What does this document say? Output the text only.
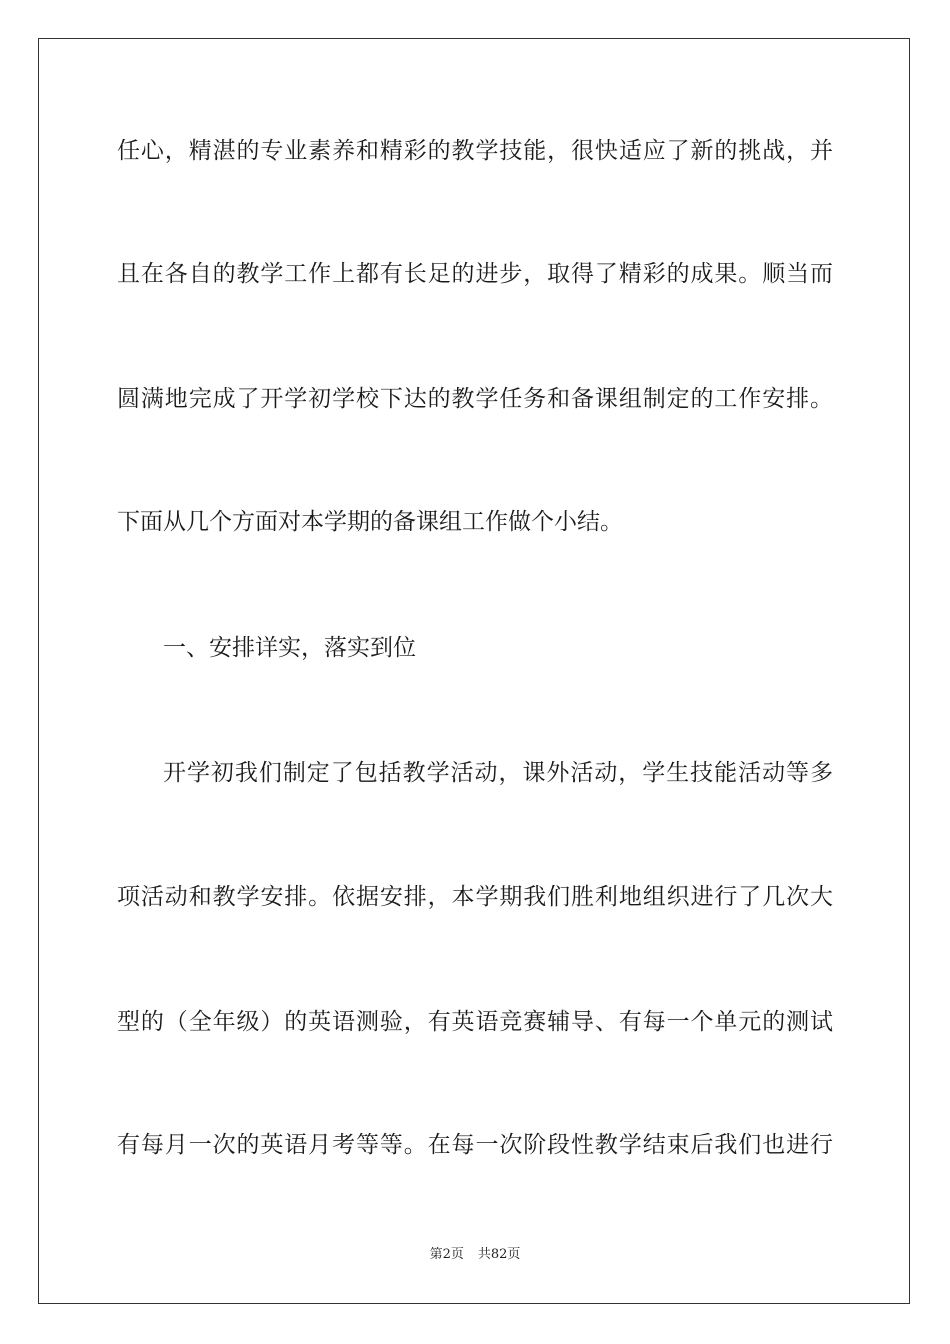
任心，精湛的专业素养和精彩的教学技能，很快适应了新的挑战，并
且在各自的教学工作上都有长足的进步，取得了精彩的成果。顺当而
圆满地完成了开学初学校下达的教学任务和备课组制定的工作安排。
下面从几个方面对本学期的备课组工作做个小结。
一、安排详实，落实到位
开学初我们制定了包括教学活动，课外活动，学生技能活动等多
项活动和教学安排。依据安排，本学期我们胜利地组织进行了几次大
型的（全年级）的英语测验，有英语竞赛辅导、有每一个单元的测试
有每月一次的英语月考等等。在每一次阶段性教学结束后我们也进行
第2页 共82页
